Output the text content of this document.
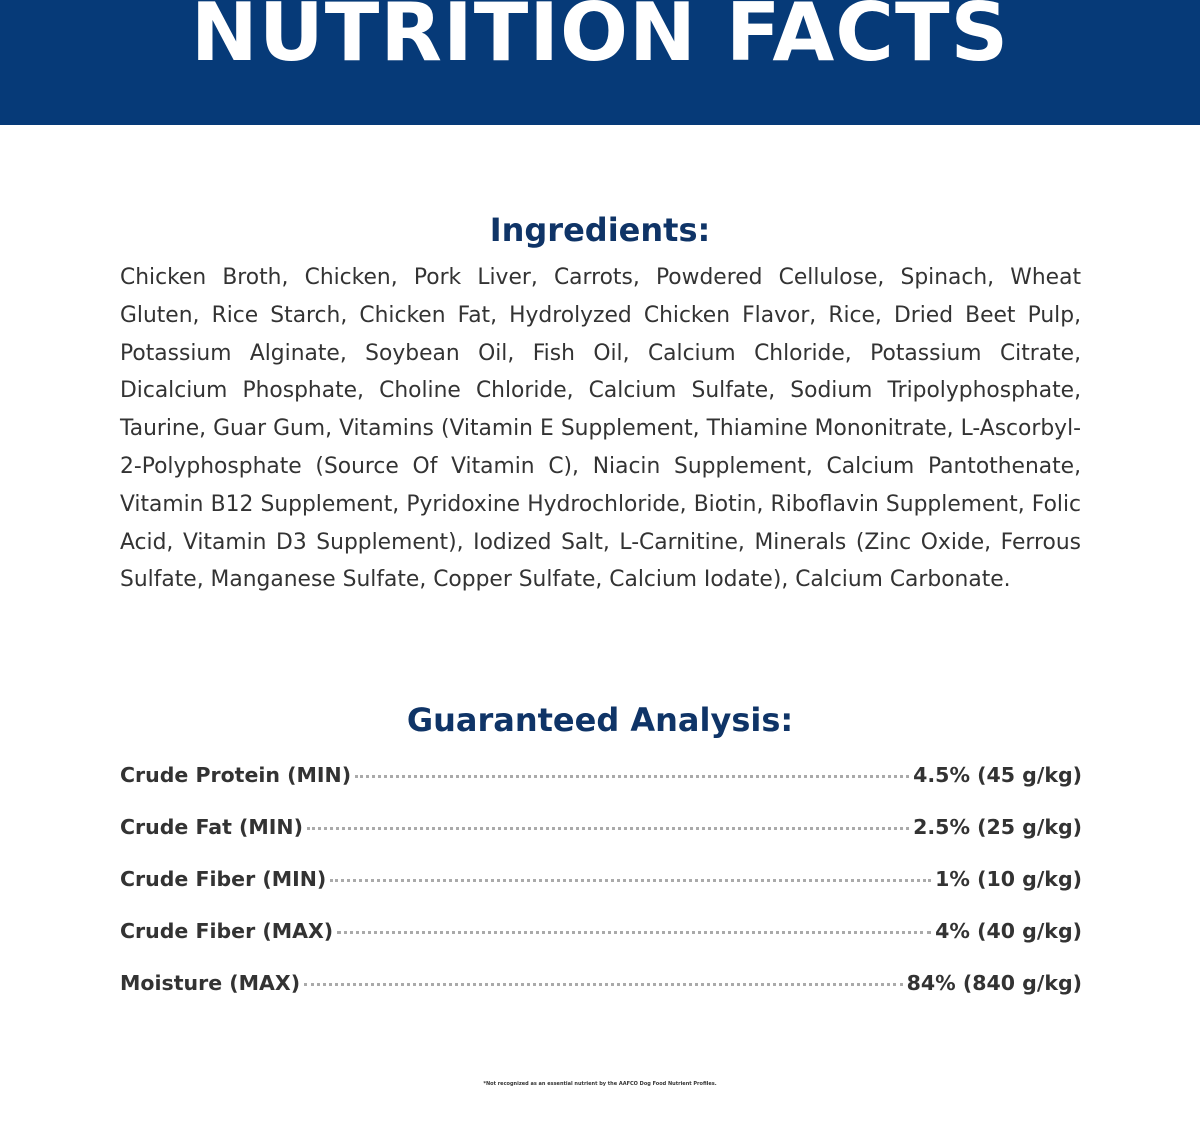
NUTRITION FACTS
Ingredients:

Chicken Broth, Chicken, Pork Liver, Carrots, Powdered Cellulose, Spinach, Wheat Gluten, Rice Starch, Chicken Fat, Hydrolyzed Chicken Flavor, Rice, Dried Beet Pulp, Potassium Alginate, Soybean Oil, Fish Oil, Calcium Chloride, Potassium Citrate, Dicalcium Phosphate, Choline Chloride, Calcium Sulfate, Sodium Tripolyphosphate, Taurine, Guar Gum, Vitamins (Vitamin E Supplement, Thiamine Mononitrate, L-Ascorbyl-2-Polyphosphate (Source Of Vitamin C), Niacin Supplement, Calcium Pantothenate, Vitamin B12 Supplement, Pyridoxine Hydrochloride, Biotin, Riboflavin Supplement, Folic Acid, Vitamin D3 Supplement), Iodized Salt, L-Carnitine, Minerals (Zinc Oxide, Ferrous Sulfate, Manganese Sulfate, Copper Sulfate, Calcium Iodate), Calcium Carbonate.

Guaranteed Analysis:
Crude Protein (MIN)	4.5% (45 g/kg)
Crude Fat (MIN)	2.5% (25 g/kg)
Crude Fiber (MIN)	1% (10 g/kg)
Crude Fiber (MAX)	4% (40 g/kg)
Moisture (MAX)	84% (840 g/kg)
*Not recognized as an essential nutrient by the AAFCO Dog Food Nutrient Profiles.
